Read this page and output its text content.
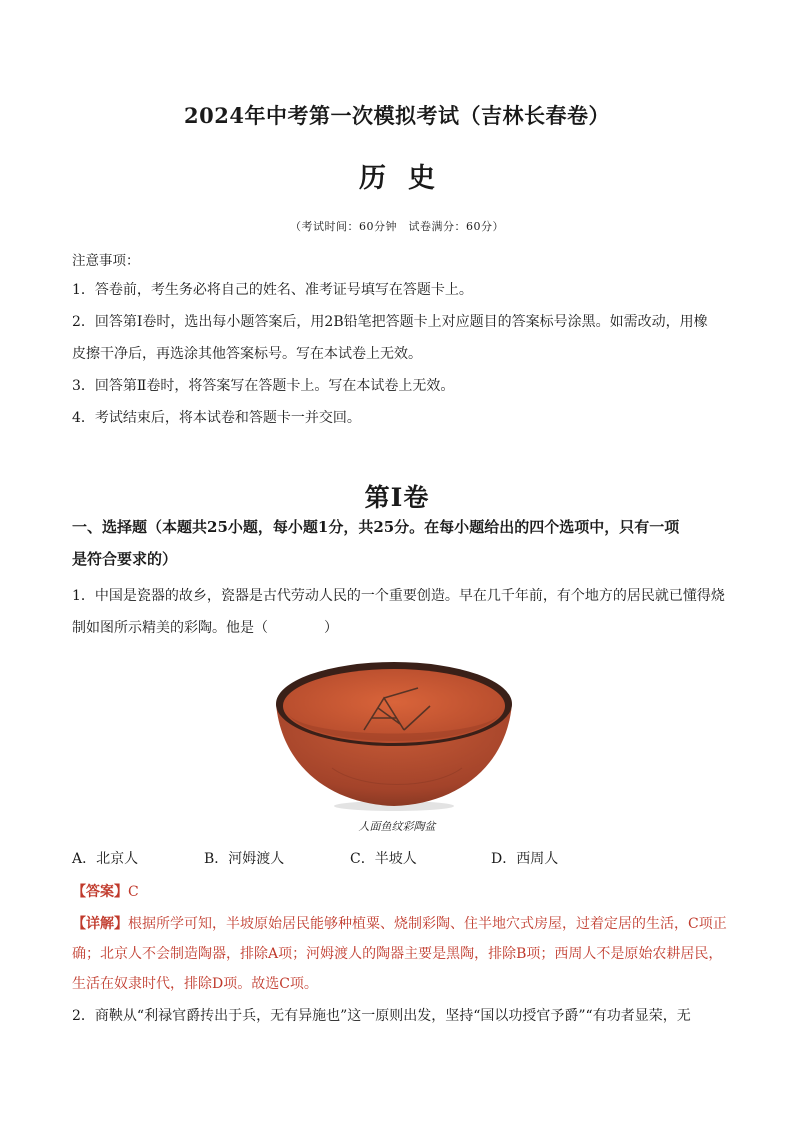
2024年中考第一次模拟考试（吉林长春卷）
历史
（考试时间：60分钟　试卷满分：60分）
注意事项：
1．答卷前，考生务必将自己的姓名、准考证号填写在答题卡上。
2．回答第Ⅰ卷时，选出每小题答案后，用2B铅笔把答题卡上对应题目的答案标号涂黑。如需改动，用橡
皮擦干净后，再选涂其他答案标号。写在本试卷上无效。
3．回答第Ⅱ卷时，将答案写在答题卡上。写在本试卷上无效。
4．考试结束后，将本试卷和答题卡一并交回。
第Ⅰ卷
一、选择题（本题共25小题，每小题1分，共25分。在每小题给出的四个选项中，只有一项
是符合要求的）
1．中国是瓷器的故乡，瓷器是古代劳动人民的一个重要创造。早在几千年前，有个地方的居民就已懂得烧
制如图所示精美的彩陶。他是（　　　　）
人面鱼纹彩陶盆
A．北京人	B．河姆渡人	C．半坡人	D．西周人
【答案】C
【详解】根据所学可知，半坡原始居民能够种植粟、烧制彩陶、住半地穴式房屋，过着定居的生活，C项正
确；北京人不会制造陶器，排除A项；河姆渡人的陶器主要是黑陶，排除B项；西周人不是原始农耕居民，
生活在奴隶时代，排除D项。故选C项。
2．商鞅从“利禄官爵抟出于兵，无有异施也”这一原则出发，坚持“国以功授官予爵”“有功者显荣，无
